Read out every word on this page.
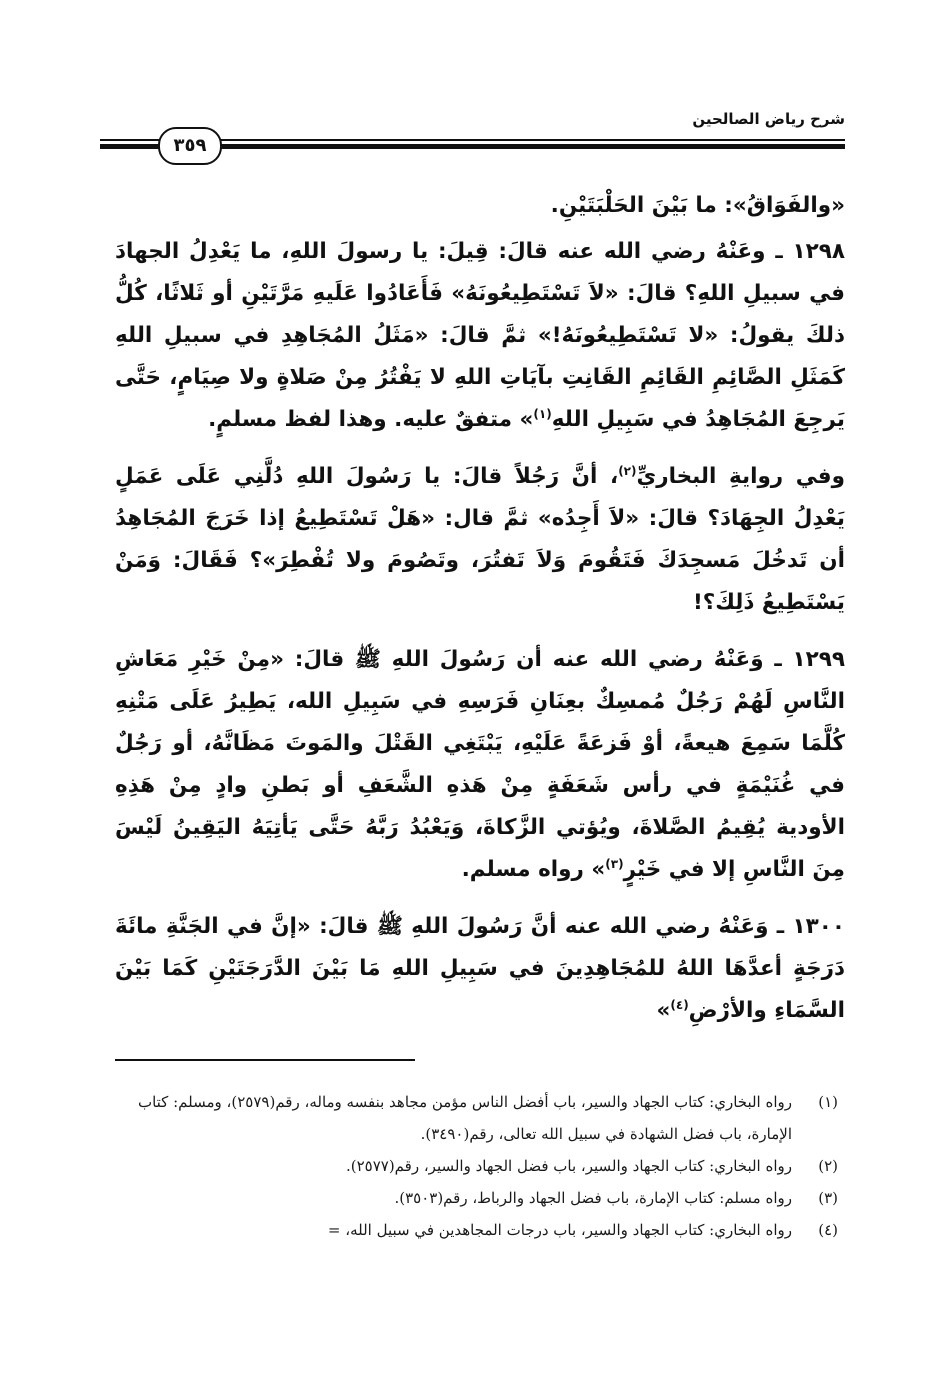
شرح رياض الصالحين
٣٥٩

«والفَوَاقُ»: ما بَيْنَ الحَلْبَتَيْنِ.

١٢٩٨ ـ وعَنْهُ رضي الله عنه قالَ: قِيلَ: يا رسولَ اللهِ، ما يَعْدِلُ الجهادَ في سبيلِ اللهِ؟ قالَ: «لاَ تَسْتَطِيعُونَهُ» فَأَعَادُوا عَلَيهِ مَرَّتَيْنِ أو ثَلاثًا، كُلُّ ذلكَ يقولُ: «لا تَسْتَطِيعُونَهُ!» ثمَّ قالَ: «مَثَلُ المُجَاهِدِ في سبيلِ اللهِ كَمَثَلِ الصَّائِمِ القَائِمِ القَانِتِ بآيَاتِ اللهِ لا يَفْتُرُ مِنْ صَلاةٍ ولا صِيَامٍ، حَتَّى يَرجِعَ المُجَاهِدُ في سَبِيلِ اللهِ$^{(١)}$» متفقٌ عليه. وهذا لفظ مسلمٍ.

وفي روايةِ البخاريِّ$^{(٢)}$، أنَّ رَجُلاً قالَ: يا رَسُولَ اللهِ دُلَّنِي عَلَى عَمَلٍ يَعْدِلُ الجِهَادَ؟ قالَ: «لاَ أَجِدُه» ثمَّ قال: «هَلْ تَسْتَطِيعُ إذا خَرَجَ المُجَاهِدُ أن تَدخُلَ مَسجِدَكَ فَتَقُومَ وَلاَ تَفتُرَ، وتَصُومَ ولا تُفْطِرَ»؟ فَقَالَ: وَمَنْ يَسْتَطِيعُ ذَلِكَ؟!

١٢٩٩ ـ وَعَنْهُ رضي الله عنه أن رَسُولَ اللهِ ﷺ قالَ: «مِنْ خَيْرِ مَعَاشِ النَّاسِ لَهُمْ رَجُلٌ مُمسِكٌ بعِنَانِ فَرَسِهِ في سَبِيلِ الله، يَطِيرُ عَلَى مَتْنِهِ كُلَّمَا سَمِعَ هيعةً، أوْ فَزعَةً عَلَيْهِ، يَبْتَغِي القَتْلَ والمَوتَ مَظَانَّهُ، أو رَجُلٌ في غُنَيْمَةٍ في رأس شَعَفَةٍ مِنْ هَذهِ الشَّعَفِ أو بَطنِ وادٍ مِنْ هَذِهِ الأودية يُقِيمُ الصَّلاةَ، ويُؤتي الزَّكاةَ، وَيَعْبُدُ رَبَّهُ حَتَّى يَأتِيَهُ اليَقِينُ لَيْسَ مِنَ النَّاسِ إلا في خَيْرٍ$^{(٣)}$» رواه مسلم.

١٣٠٠ ـ وَعَنْهُ رضي الله عنه أنَّ رَسُولَ اللهِ ﷺ قالَ: «إنَّ في الجَنَّةِ مائَةَ دَرَجَةٍ أعدَّهَا اللهُ للمُجَاهِدِينَ في سَبِيلِ اللهِ مَا بَيْنَ الدَّرَجَتَيْنِ كَمَا بَيْنَ السَّمَاءِ والأرْضِ$^{(٤)}$»

(١)
رواه البخاري: كتاب الجهاد والسير، باب أفضل الناس مؤمن مجاهد بنفسه وماله، رقم(٢٥٧٩)، ومسلم: كتاب الإمارة، باب فضل الشهادة في سبيل الله تعالى، رقم(٣٤٩٠).
(٢)
رواه البخاري: كتاب الجهاد والسير، باب فضل الجهاد والسير، رقم(٢٥٧٧).
(٣)
رواه مسلم: كتاب الإمارة، باب فضل الجهاد والرباط، رقم(٣٥٠٣).
(٤)
رواه البخاري: كتاب الجهاد والسير، باب درجات المجاهدين في سبيل الله، =
